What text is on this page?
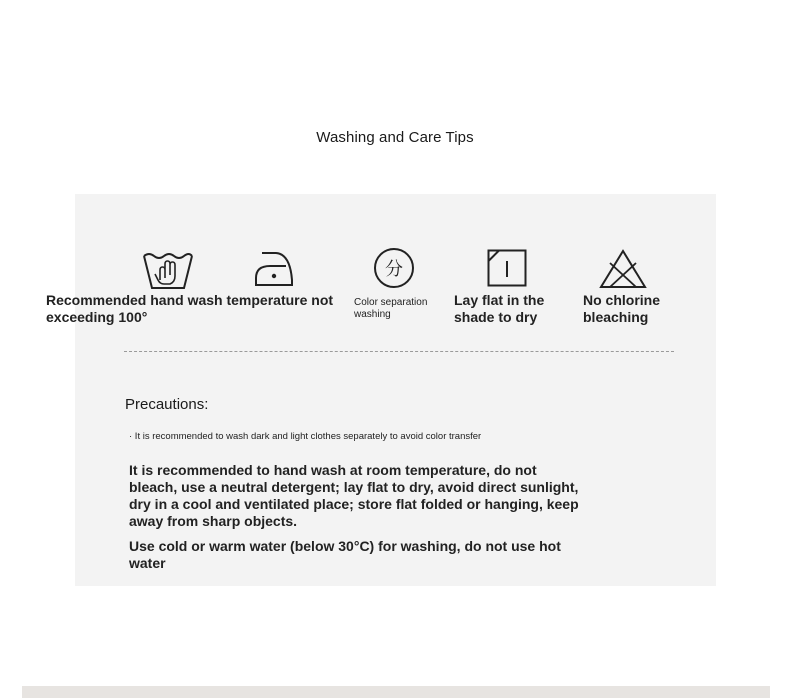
Washing and Care Tips
分
Recommended hand wash temperature not exceeding 100°
Color separation washing
Lay flat in the shade to dry
No chlorine bleaching
Precautions:
· It is recommended to wash dark and light clothes separately to avoid color transfer
It is recommended to hand wash at room temperature, do not bleach, use a neutral detergent; lay flat to dry, avoid direct sunlight, dry in a cool and ventilated place; store flat folded or hanging, keep away from sharp objects.
Use cold or warm water (below 30°C) for washing, do not use hot water
